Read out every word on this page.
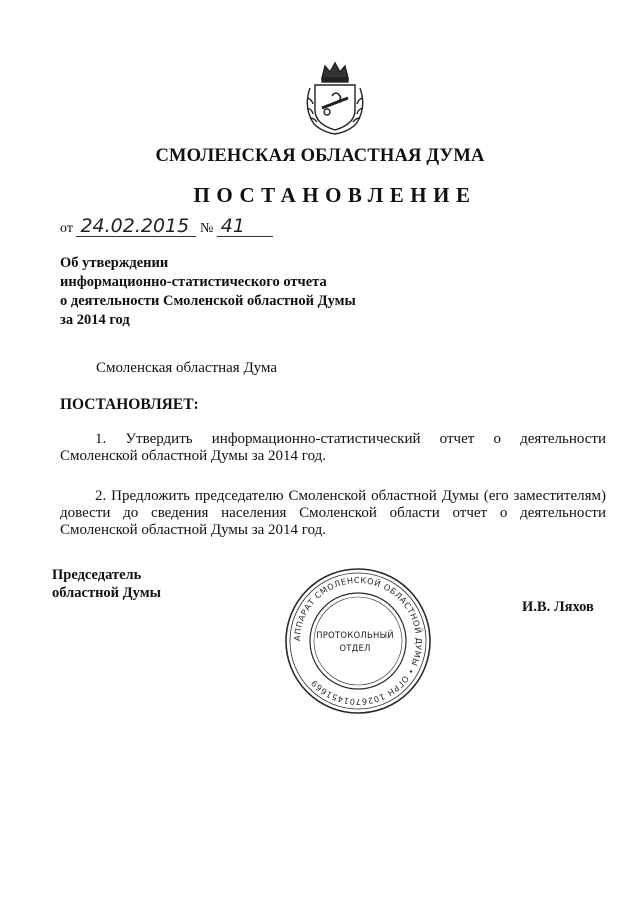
СМОЛЕНСКАЯ ОБЛАСТНАЯ ДУМА
ПОСТАНОВЛЕНИЕ
от 24.02.2015 № 41
Об утверждении
информационно-статистического отчета
о деятельности Смоленской областной Думы
за 2014 год
Смоленская областная Дума
ПОСТАНОВЛЯЕТ:
1. Утвердить информационно-статистический отчет о деятельности Смоленской областной Думы за 2014 год.
2. Предложить председателю Смоленской областной Думы (его заместителям) довести до сведения населения Смоленской области отчет о деятельности Смоленской областной Думы за 2014 год.
Председатель
областной Думы
И.В. Ляхов
АППАРАТ СМОЛЕНСКОЙ ОБЛАСТНОЙ ДУМЫ • ОГРН 1026701451669
ПРОТОКОЛЬНЫЙ
ОТДЕЛ
